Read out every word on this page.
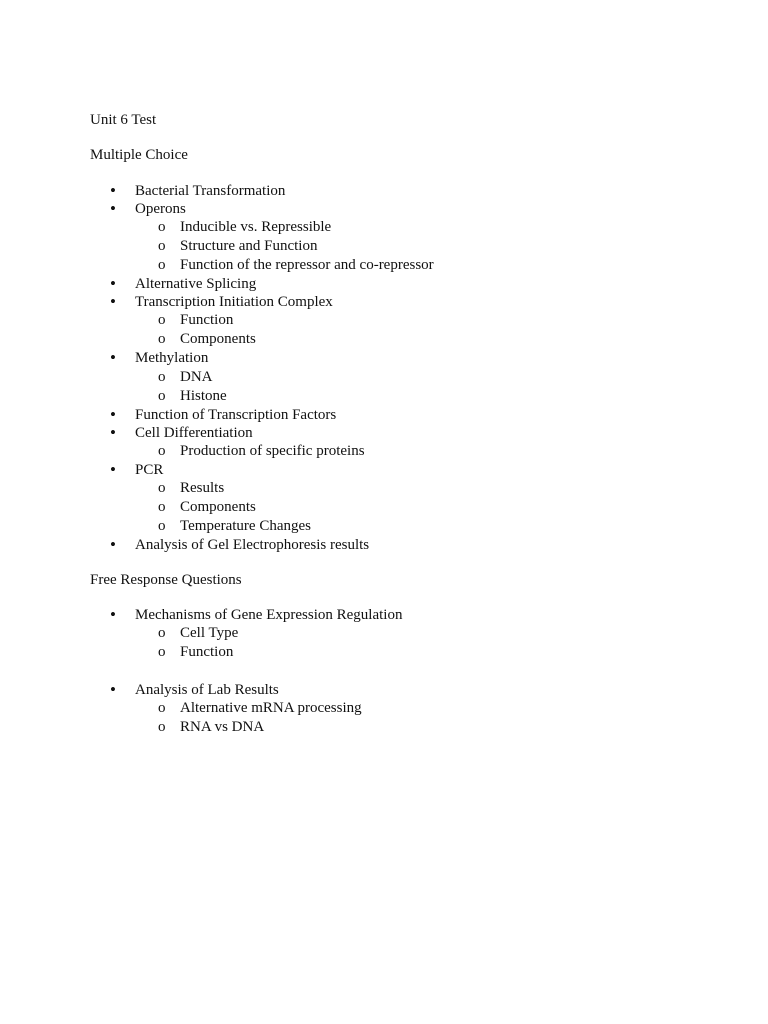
Unit 6 Test

Multiple Choice

• Bacterial Transformation
• Operons
o Inducible vs. Repressible
o Structure and Function
o Function of the repressor and co-repressor
• Alternative Splicing
• Transcription Initiation Complex
o Function
o Components
• Methylation
o DNA
o Histone
• Function of Transcription Factors
• Cell Differentiation
o Production of specific proteins
• PCR
o Results
o Components
o Temperature Changes
• Analysis of Gel Electrophoresis results

Free Response Questions

• Mechanisms of Gene Expression Regulation
o Cell Type
o Function
• Analysis of Lab Results
o Alternative mRNA processing
o RNA vs DNA
